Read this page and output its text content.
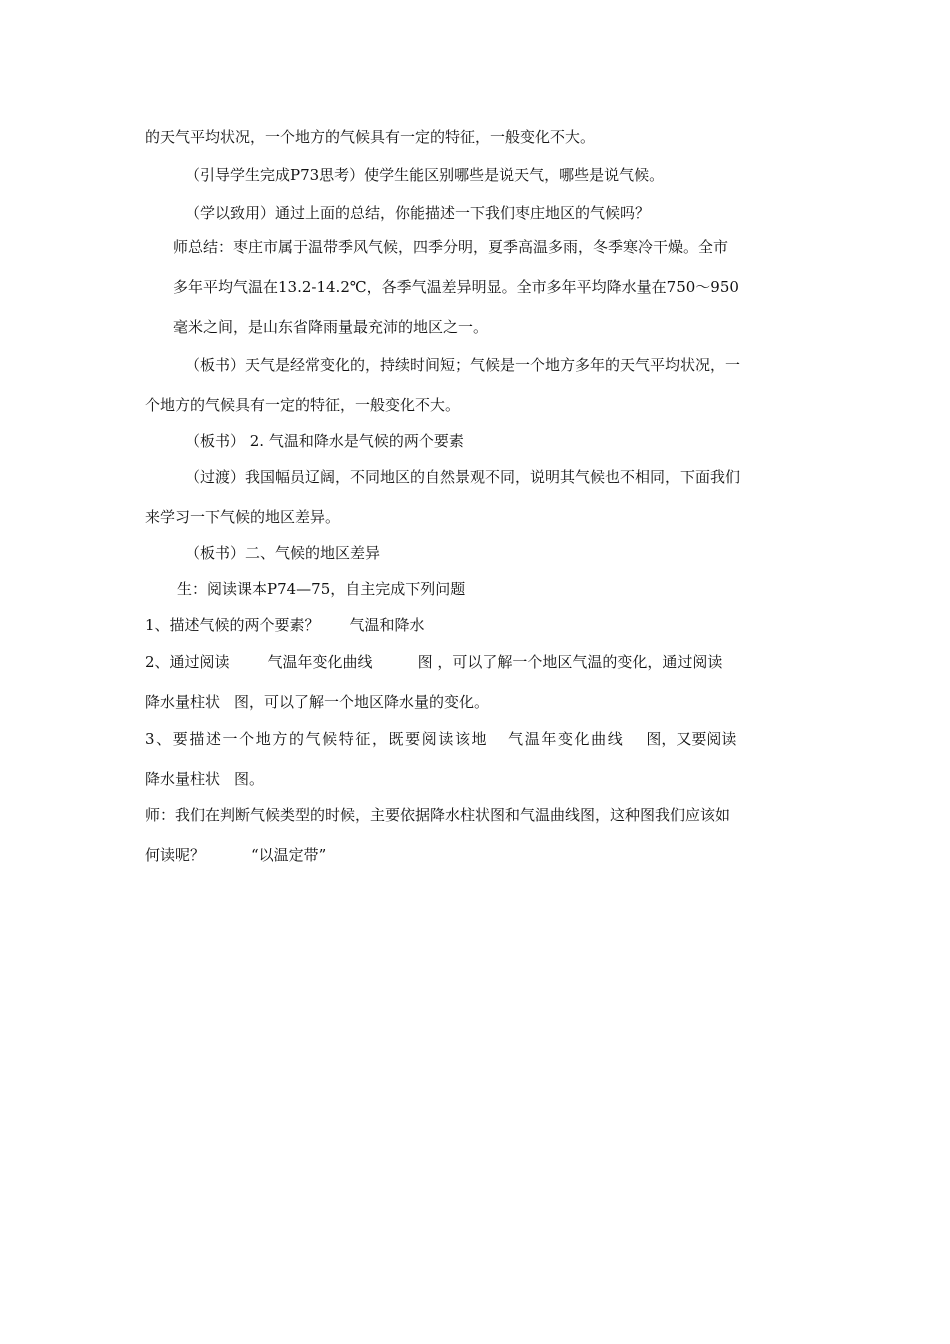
的天气平均状况，一个地方的气候具有一定的特征，一般变化不大。
（引导学生完成P73思考）使学生能区别哪些是说天气，哪些是说气候。
（学以致用）通过上面的总结，你能描述一下我们枣庄地区的气候吗？
师总结：枣庄市属于温带季风气候，四季分明，夏季高温多雨，冬季寒冷干燥。全市
多年平均气温在13.2-14.2℃，各季气温差异明显。全市多年平均降水量在750～950
毫米之间，是山东省降雨量最充沛的地区之一。
（板书）天气是经常变化的，持续时间短；气候是一个地方多年的天气平均状况，一
个地方的气候具有一定的特征，一般变化不大。
（板书） 2. 气温和降水是气候的两个要素
（过渡）我国幅员辽阔，不同地区的自然景观不同，说明其气候也不相同，下面我们
来学习一下气候的地区差异。
（板书）二、气候的地区差异
生：阅读课本P74—75，自主完成下列问题
1、描述气候的两个要素？ 气温和降水
2、通过阅读	气温年变化曲线	图 ，可以了解一个地区气温的变化，通过阅读
降水量柱状 图，可以了解一个地区降水量的变化。
3、要描述一个地方的气候特征，既要阅读该地 气温年变化曲线 图，又要阅读
降水量柱状 图。
师：我们在判断气候类型的时候，主要依据降水柱状图和气温曲线图，这种图我们应该如
何读呢？	“以温定带”
